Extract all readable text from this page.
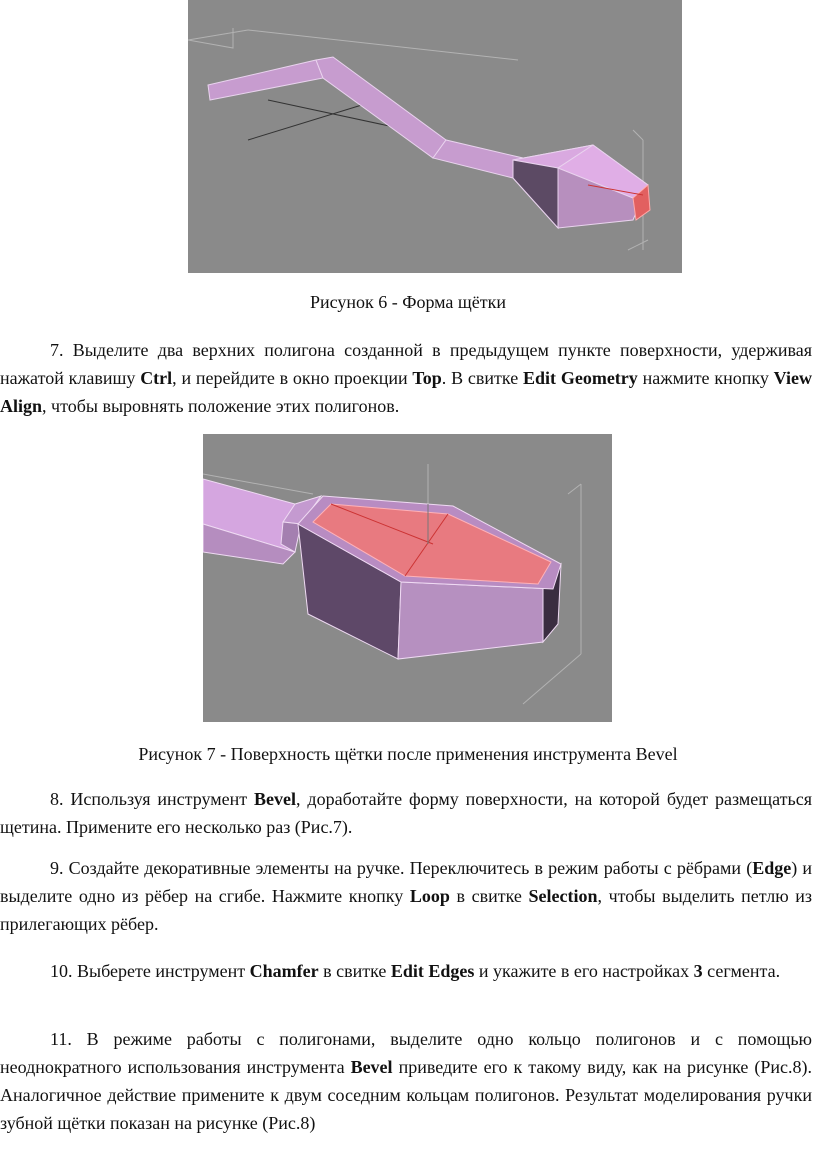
Рисунок 6 - Форма щётки
7. Выделите два верхних полигона созданной в предыдущем пункте поверхности, удерживая нажатой клавишу Ctrl, и перейдите в окно проекции Top. В свитке Edit Geometry нажмите кнопку View Align, чтобы выровнять положение этих полигонов.
Рисунок 7 - Поверхность щётки после применения инструмента Bevel
8. Используя инструмент Bevel, доработайте форму поверхности, на которой будет размещаться щетина. Примените его несколько раз (Рис.7).
9. Создайте декоративные элементы на ручке. Переключитесь в режим работы с рёбрами (Edge) и выделите одно из рёбер на сгибе. Нажмите кнопку Loop в свитке Selection, чтобы выделить петлю из прилегающих рёбер.
10. Выберете инструмент Chamfer в свитке Edit Edges и укажите в его настройках 3 сегмента.
11. В режиме работы с полигонами, выделите одно кольцо полигонов и с помощью неоднократного использования инструмента Bevel приведите его к такому виду, как на рисунке (Рис.8). Аналогичное действие примените к двум соседним кольцам полигонов. Результат моделирования ручки зубной щётки показан на рисунке (Рис.8)
